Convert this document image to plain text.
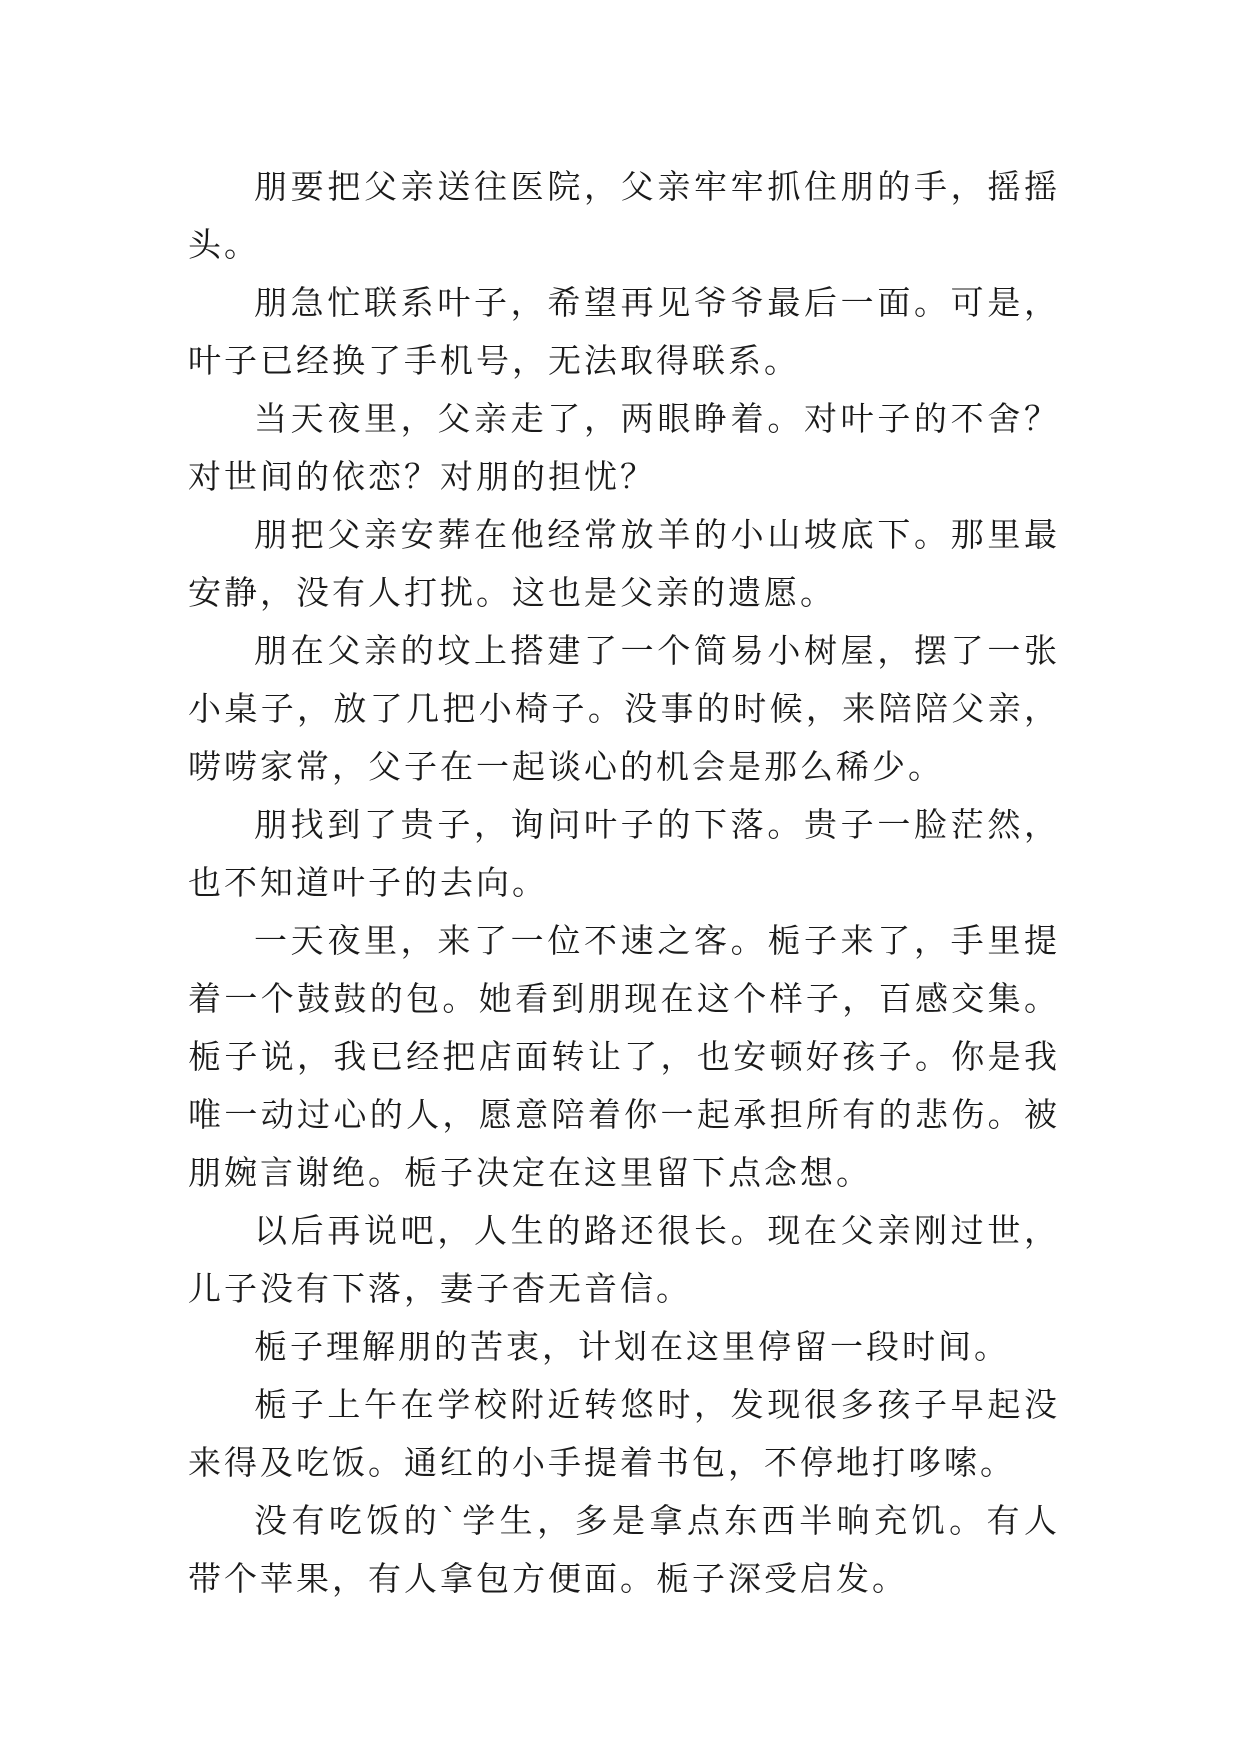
朋要把父亲送往医院，父亲牢牢抓住朋的手，摇摇头。

朋急忙联系叶子，希望再见爷爷最后一面。可是，叶子已经换了手机号，无法取得联系。

当天夜里，父亲走了，两眼睁着。对叶子的不舍？对世间的依恋？对朋的担忧？

朋把父亲安葬在他经常放羊的小山坡底下。那里最安静，没有人打扰。这也是父亲的遗愿。

朋在父亲的坟上搭建了一个简易小树屋，摆了一张小桌子，放了几把小椅子。没事的时候，来陪陪父亲，唠唠家常，父子在一起谈心的机会是那么稀少。

朋找到了贵子，询问叶子的下落。贵子一脸茫然，也不知道叶子的去向。

一天夜里，来了一位不速之客。栀子来了，手里提着一个鼓鼓的包。她看到朋现在这个样子，百感交集。栀子说，我已经把店面转让了，也安顿好孩子。你是我唯一动过心的人，愿意陪着你一起承担所有的悲伤。被朋婉言谢绝。栀子决定在这里留下点念想。

以后再说吧，人生的路还很长。现在父亲刚过世，儿子没有下落，妻子杳无音信。

栀子理解朋的苦衷，计划在这里停留一段时间。

栀子上午在学校附近转悠时，发现很多孩子早起没来得及吃饭。通红的小手提着书包，不停地打哆嗦。

没有吃饭的`学生，多是拿点东西半晌充饥。有人带个苹果，有人拿包方便面。栀子深受启发。
